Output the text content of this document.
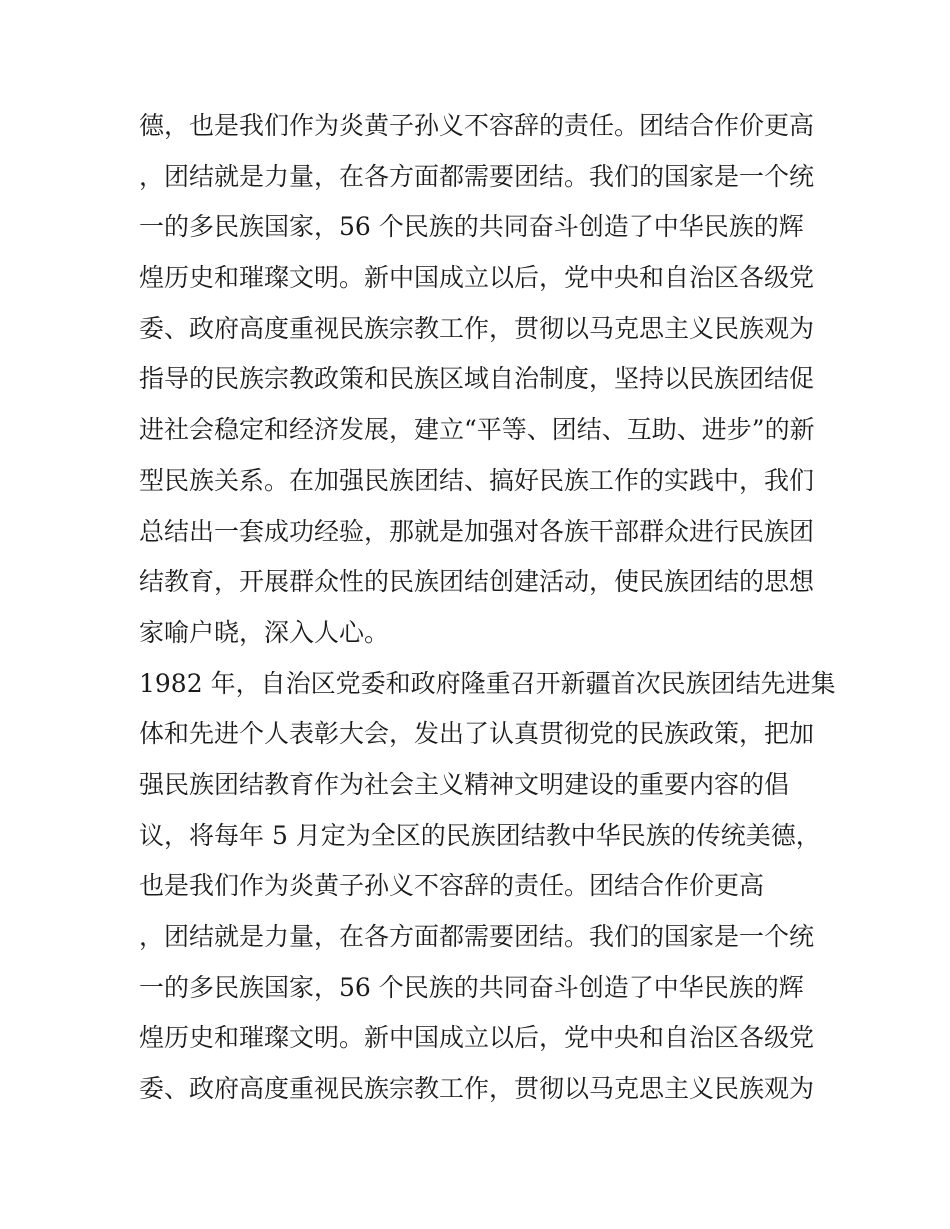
德，也是我们作为炎黄子孙义不容辞的责任。团结合作价更高
，团结就是力量，在各方面都需要团结。我们的国家是一个统
一的多民族国家，56 个民族的共同奋斗创造了中华民族的辉
煌历史和璀璨文明。新中国成立以后，党中央和自治区各级党
委、政府高度重视民族宗教工作，贯彻以马克思主义民族观为
指导的民族宗教政策和民族区域自治制度，坚持以民族团结促
进社会稳定和经济发展，建立“平等、团结、互助、进步”的新
型民族关系。在加强民族团结、搞好民族工作的实践中，我们
总结出一套成功经验，那就是加强对各族干部群众进行民族团
结教育，开展群众性的民族团结创建活动，使民族团结的思想
家喻户晓，深入人心。
1982 年，自治区党委和政府隆重召开新疆首次民族团结先进集
体和先进个人表彰大会，发出了认真贯彻党的民族政策，把加
强民族团结教育作为社会主义精神文明建设的重要内容的倡
议，将每年 5 月定为全区的民族团结教中华民族的传统美德，
也是我们作为炎黄子孙义不容辞的责任。团结合作价更高
，团结就是力量，在各方面都需要团结。我们的国家是一个统
一的多民族国家，56 个民族的共同奋斗创造了中华民族的辉
煌历史和璀璨文明。新中国成立以后，党中央和自治区各级党
委、政府高度重视民族宗教工作，贯彻以马克思主义民族观为
